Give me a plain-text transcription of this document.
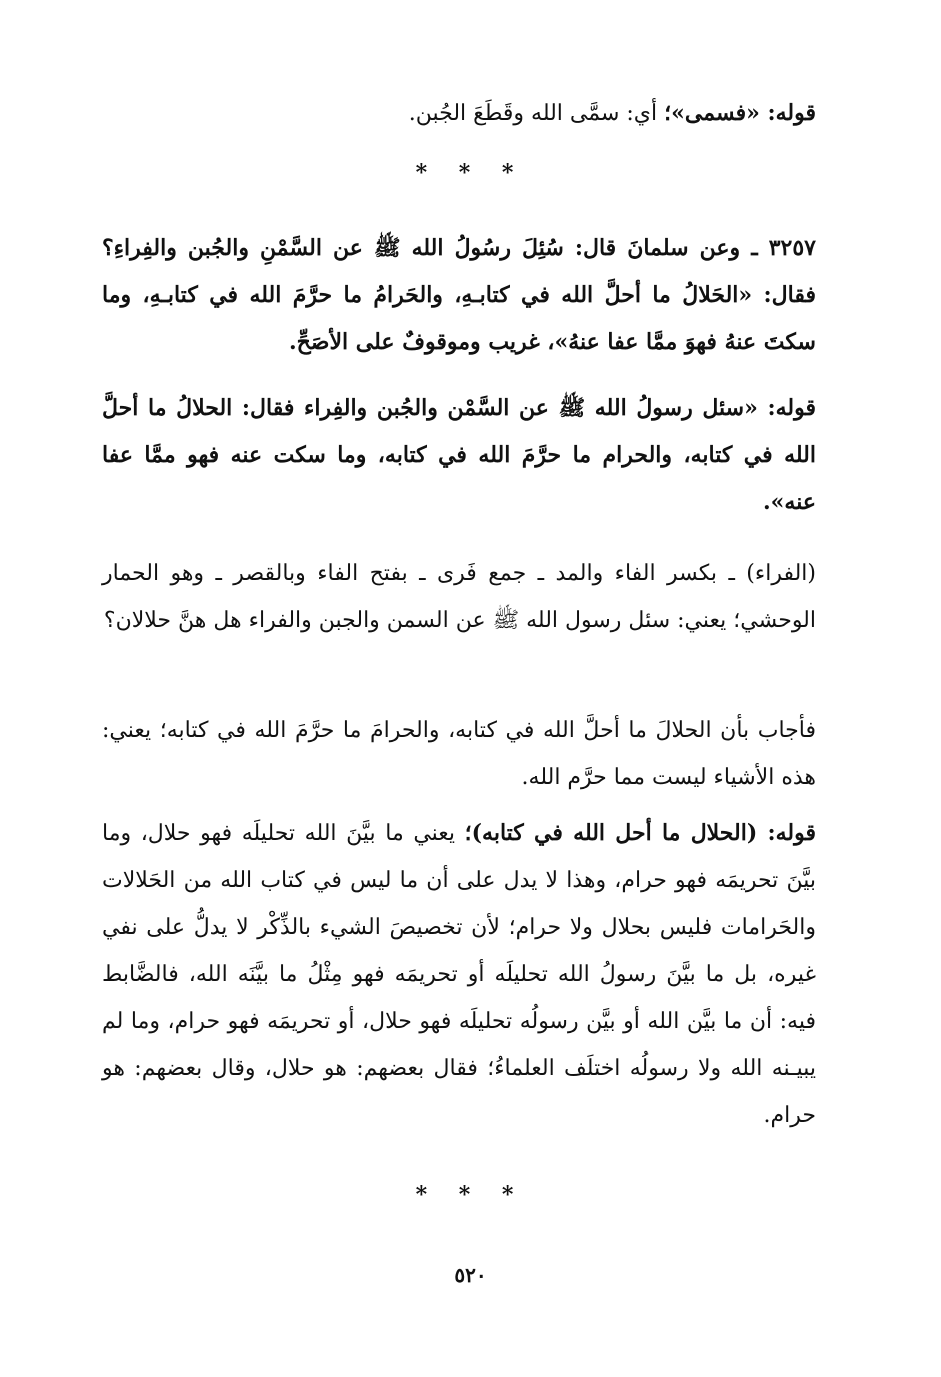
قوله: «فسمى»؛ أي: سمَّى الله وقَطَعَ الجُبن.

* * *

٣٢٥٧ ـ وعن سلمانَ قال: سُئِلَ رسُولُ الله ﷺ عن السَّمْنِ والجُبن والفِراءِ؟ فقال: «الحَلالُ ما أحلَّ الله في كتابـهِ، والحَرامُ ما حرَّمَ الله في كتابـهِ، وما سكتَ عنهُ فهوَ ممَّا عفا عنهُ»، غريب وموقوفٌ على الأصَحِّ.

قوله: «سئل رسولُ الله ﷺ عن السَّمْن والجُبن والفِراء فقال: الحلالُ ما أحلَّ الله في كتابه، والحرام ما حرَّمَ الله في كتابه، وما سكت عنه فهو ممَّا عفا عنه».

(الفراء) ـ بكسر الفاء والمد ـ جمع فَرى ـ بفتح الفاء وبالقصر ـ وهو الحمار الوحشي؛ يعني: سئل رسول الله ﷺ عن السمن والجبن والفراء هل هنَّ حلالان؟

فأجاب بأن الحلالَ ما أحلَّ الله في كتابه، والحرامَ ما حرَّمَ الله في كتابه؛ يعني: هذه الأشياء ليست مما حرَّم الله.

قوله: (الحلال ما أحل الله في كتابه)؛ يعني ما بيَّنَ الله تحليلَه فهو حلال، وما بيَّنَ تحريمَه فهو حرام، وهذا لا يدل على أن ما ليس في كتاب الله من الحَلالات والحَرامات فليس بحلال ولا حرام؛ لأن تخصيصَ الشيء بالذِّكْر لا يدلُّ على نفي غيره، بل ما بيَّنَ رسولُ الله تحليلَه أو تحريمَه فهو مِثْلُ ما بيَّنَه الله، فالضَّابط فيه: أن ما بيَّن الله أو بيَّن رسولُه تحليلَه فهو حلال، أو تحريمَه فهو حرام، وما لم يبيـنه الله ولا رسولُه اختلَف العلماءُ؛ فقال بعضهم: هو حلال، وقال بعضهم: هو حرام.

* * *
٥٢٠
